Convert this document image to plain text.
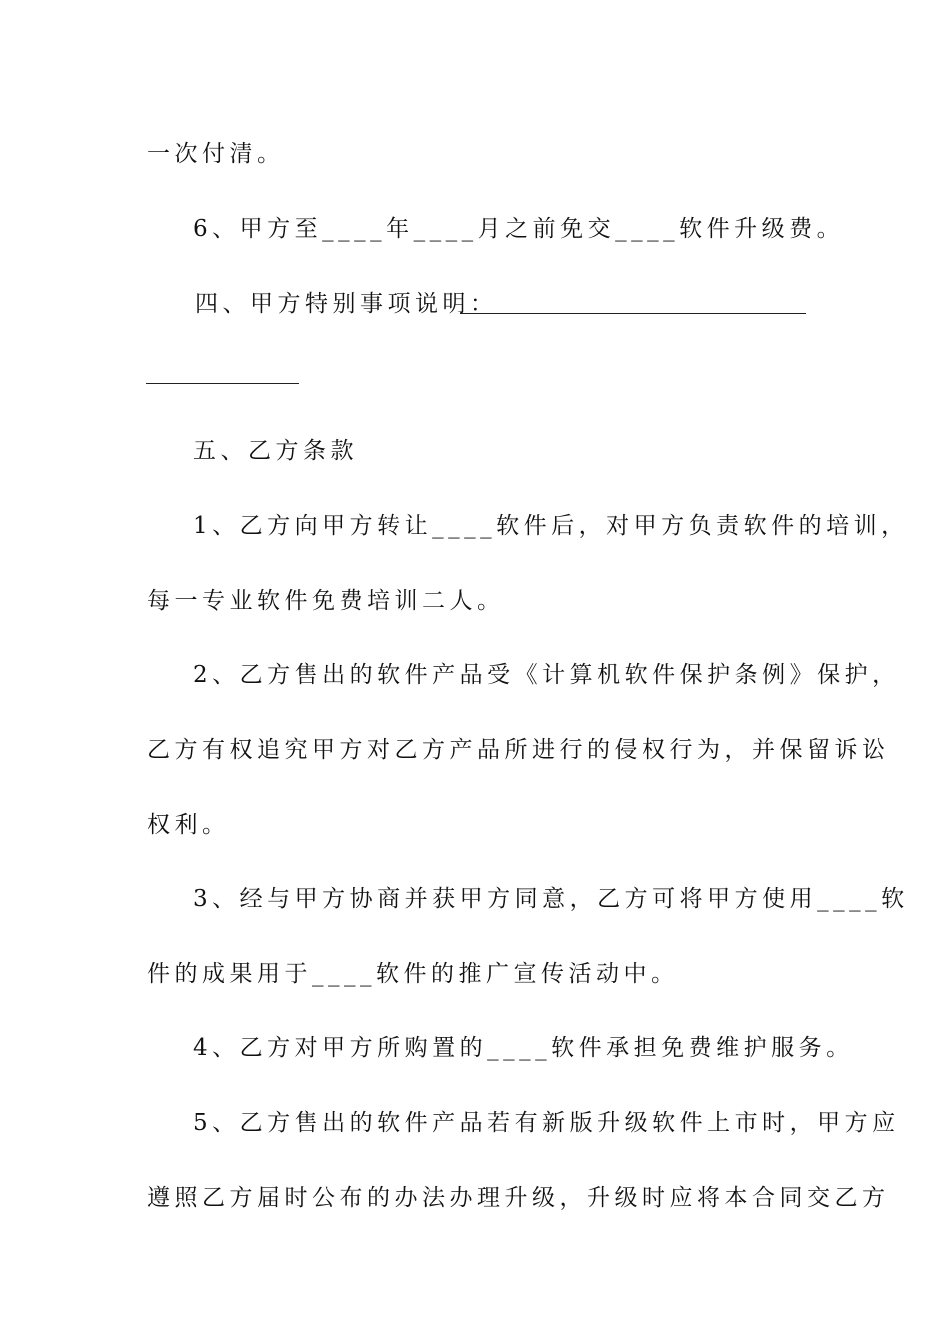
一次付清。
6、甲方至____年____月之前免交____软件升级费。
四、甲方特别事项说明：
五、乙方条款
1、乙方向甲方转让____软件后，对甲方负责软件的培训，
每一专业软件免费培训二人。
2、乙方售出的软件产品受《计算机软件保护条例》保护，
乙方有权追究甲方对乙方产品所进行的侵权行为，并保留诉讼
权利。
3、经与甲方协商并获甲方同意，乙方可将甲方使用____软
件的成果用于____软件的推广宣传活动中。
4、乙方对甲方所购置的____软件承担免费维护服务。
5、乙方售出的软件产品若有新版升级软件上市时，甲方应
遵照乙方届时公布的办法办理升级，升级时应将本合同交乙方
